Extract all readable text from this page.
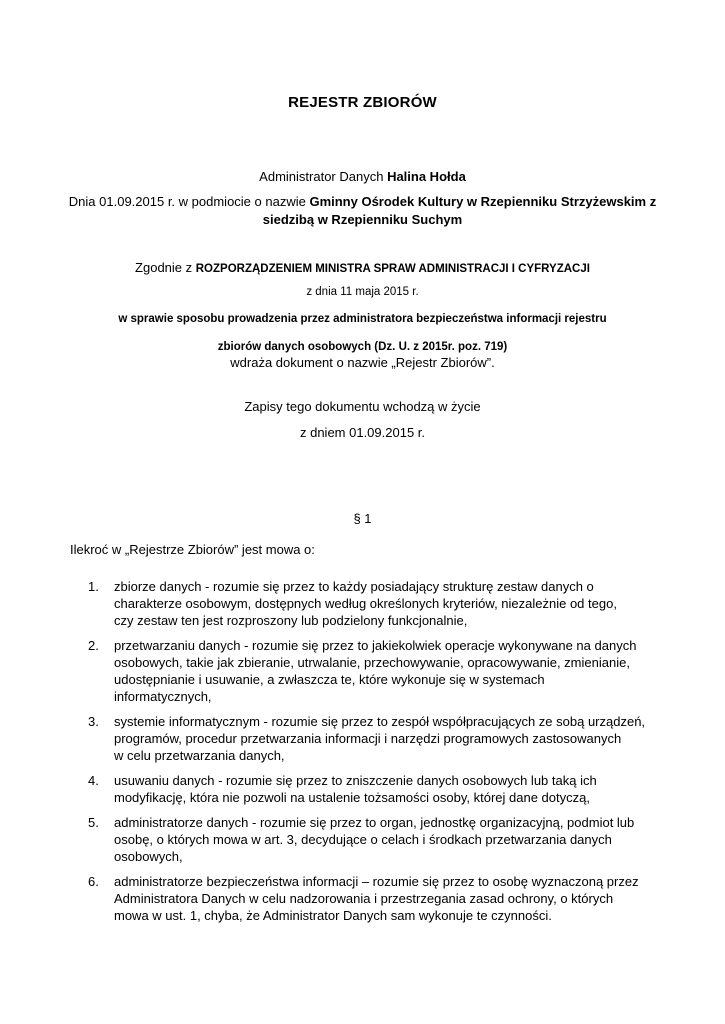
REJESTR ZBIORÓW
Administrator Danych Halina Hołda
Dnia 01.09.2015 r. w podmiocie o nazwie Gminny Ośrodek Kultury w Rzepienniku Strzyżewskim z
siedzibą w Rzepienniku Suchym
Zgodnie z ROZPORZĄDZENIEM MINISTRA SPRAW ADMINISTRACJI I CYFRYZACJI
z dnia 11 maja 2015 r.
w sprawie sposobu prowadzenia przez administratora bezpieczeństwa informacji rejestru
zbiorów danych osobowych (Dz. U. z 2015r. poz. 719)
wdraża dokument o nazwie „Rejestr Zbiorów”.
Zapisy tego dokumentu wchodzą w życie
z dniem 01.09.2015 r.
§ 1
Ilekroć w „Rejestrze Zbiorów” jest mowa o:
1. zbiorze danych - rozumie się przez to każdy posiadający strukturę zestaw danych o
charakterze osobowym, dostępnych według określonych kryteriów, niezależnie od tego,
czy zestaw ten jest rozproszony lub podzielony funkcjonalnie,
2. przetwarzaniu danych - rozumie się przez to jakiekolwiek operacje wykonywane na danych
osobowych, takie jak zbieranie, utrwalanie, przechowywanie, opracowywanie, zmienianie,
udostępnianie i usuwanie, a zwłaszcza te, które wykonuje się w systemach
informatycznych,
3. systemie informatycznym - rozumie się przez to zespół współpracujących ze sobą urządzeń,
programów, procedur przetwarzania informacji i narzędzi programowych zastosowanych
w celu przetwarzania danych,
4. usuwaniu danych - rozumie się przez to zniszczenie danych osobowych lub taką ich
modyfikację, która nie pozwoli na ustalenie tożsamości osoby, której dane dotyczą,
5. administratorze danych - rozumie się przez to organ, jednostkę organizacyjną, podmiot lub
osobę, o których mowa w art. 3, decydujące o celach i środkach przetwarzania danych
osobowych,
6. administratorze bezpieczeństwa informacji – rozumie się przez to osobę wyznaczoną przez
Administratora Danych w celu nadzorowania i przestrzegania zasad ochrony, o których
mowa w ust. 1, chyba, że Administrator Danych sam wykonuje te czynności.
